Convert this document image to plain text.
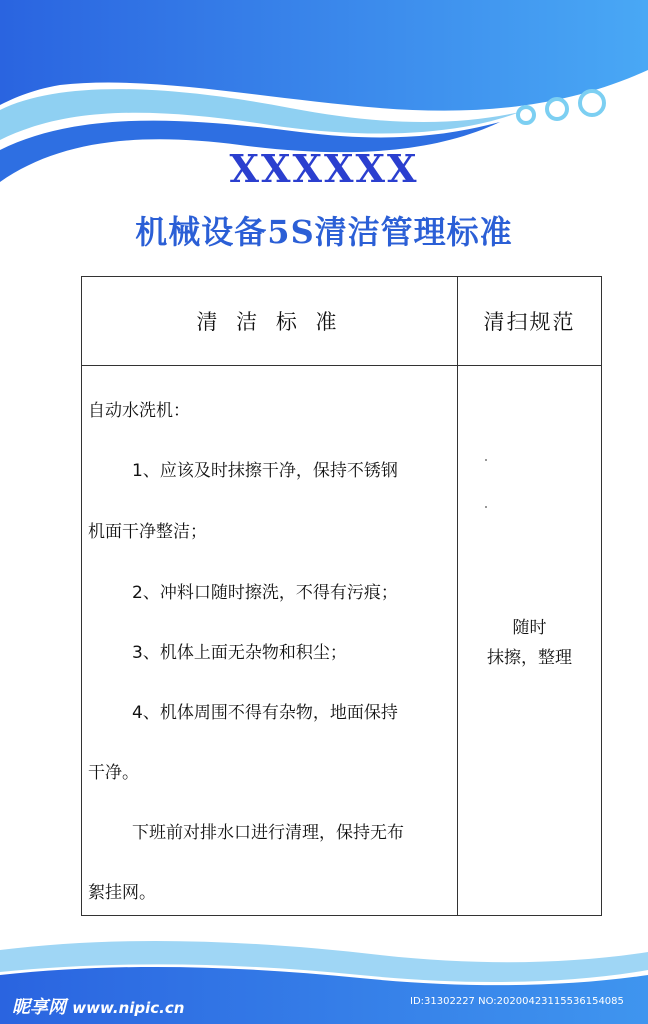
XXXXXX
机械设备5S清洁管理标准
清 洁 标 准	清扫规范
自动水洗机：
1、应该及时抹擦干净，保持不锈钢
机面干净整洁；
2、冲料口随时擦洗，不得有污痕；
3、机体上面无杂物和积尘；
4、机体周围不得有杂物，地面保持
干净。
下班前对排水口进行清理，保持无布
絮挂网。
随时
抹擦，整理
昵享网 www.nipic.cn	ID:31302227 NO:20200423115536154085
